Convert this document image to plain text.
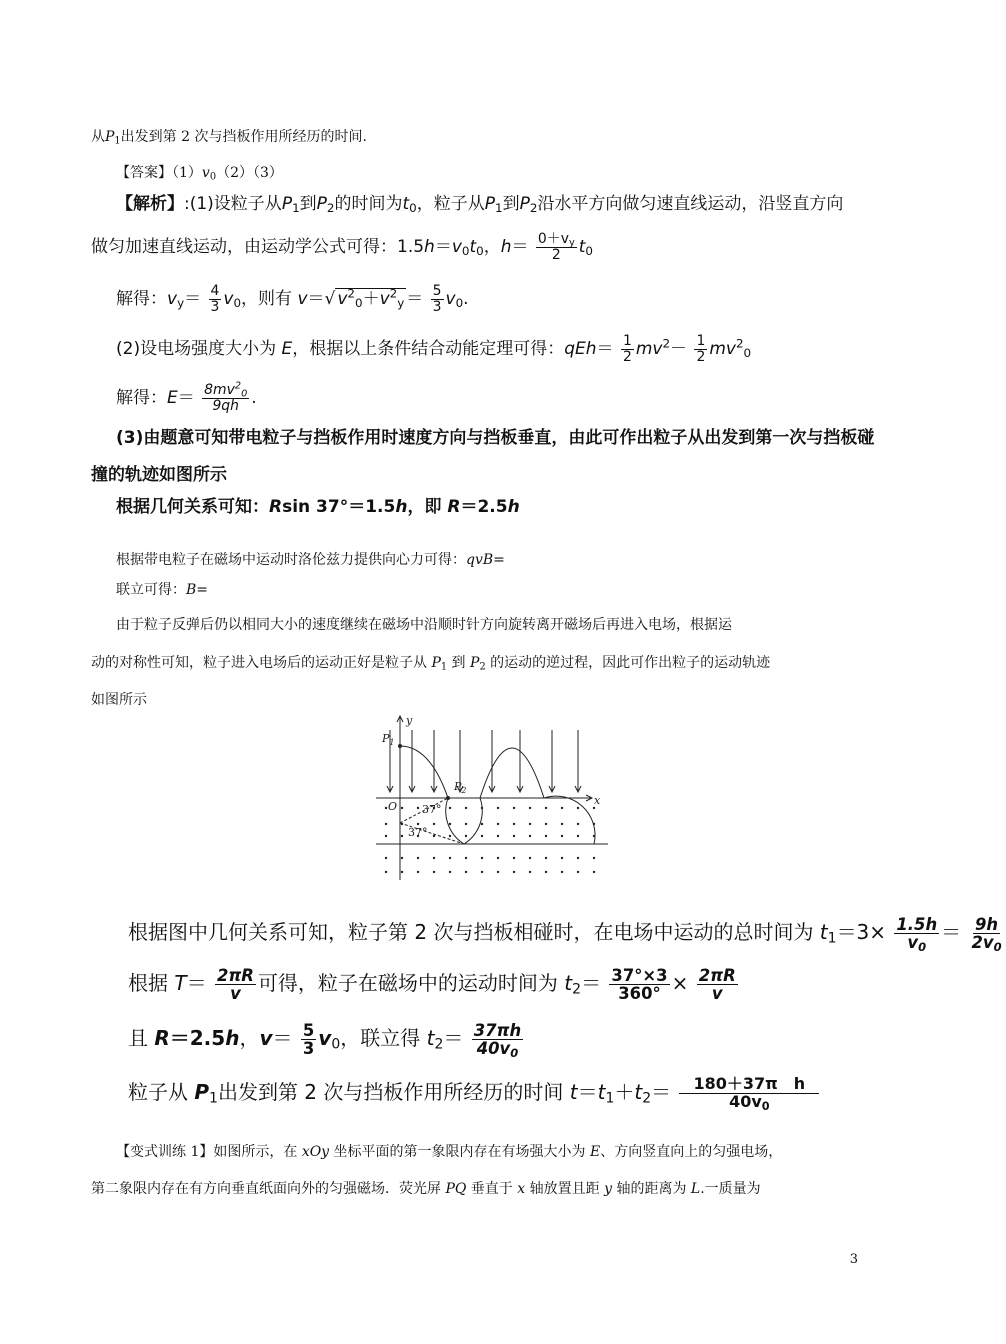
从$P_1$出发到第 2 次与挡板作用所经历的时间.
【答案】$(1)v_0(2)(3)$
【解析】:(1)设粒子从$P_1$到$P_2$的时间为$t_0$，粒子从$P_1$到$P_2$沿水平方向做匀速直线运动，沿竖直方向
做匀加速直线运动，由运动学公式可得：$1.5h=v_0t_0$，$h= \frac{0+v_y}{2} t_0$
解得：$v_y= \frac{4}{3} v_0$，则有 v＝√ $v^2_0+v^2_y = \frac{5}{3} v_0$.
(2)设电场强度大小为 E，根据以上条件结合动能定理可得：$qEh= \frac{1}{2} mv^2- \frac{1}{2} mv^2_0$
解得：$E= \frac{8mv^2_0}{9qh}$ .
(3)由题意可知带电粒子与挡板作用时速度方向与挡板垂直，由此可作出粒子从出发到第一次与挡板碰
撞的轨迹如图所示
根据几何关系可知：Rsin 37°＝1.5h，即 R＝2.5h
根据带电粒子在磁场中运动时洛伦兹力提供向心力可得：qvB=
联立可得：B=
由于粒子反弹后仍以相同大小的速度继续在磁场中沿顺时针方向旋转离开磁场后再进入电场，根据运
动的对称性可知，粒子进入电场后的运动正好是粒子从 $P_1$ 到 $P_2$ 的运动的逆过程，因此可作出粒子的运动轨迹
如图所示
y
x
O
$P_1$
$P_2$
37°
37°
根据图中几何关系可知，粒子第 2 次与挡板相碰时，在电场中运动的总时间为 $t_1=3\times \frac{1.5h}{v_0} = \frac{9h}{2v_0}$
根据 $T= \frac{2\pi R}{v}$ 可得，粒子在磁场中的运动时间为 $t_2= \frac{37^\circ\times 3}{360^\circ} \times \frac{2\pi R}{v}$
且 R＝2.5h，$v= \frac{5}{3} v_0$，联立得 $t_2= \frac{37\pi h}{40v_0}$
粒子从 $P_1$出发到第 2 次与挡板作用所经历的时间 $t=t_1+t_2= \frac{\text{180＋37π　h}}{40v_0}$
【变式训练 1】如图所示，在 xOy 坐标平面的第一象限内存在有场强大小为 E、方向竖直向上的匀强电场，
第二象限内存在有方向垂直纸面向外的匀强磁场．荧光屏 PQ 垂直于 x 轴放置且距 y 轴的距离为 L.一质量为
3
